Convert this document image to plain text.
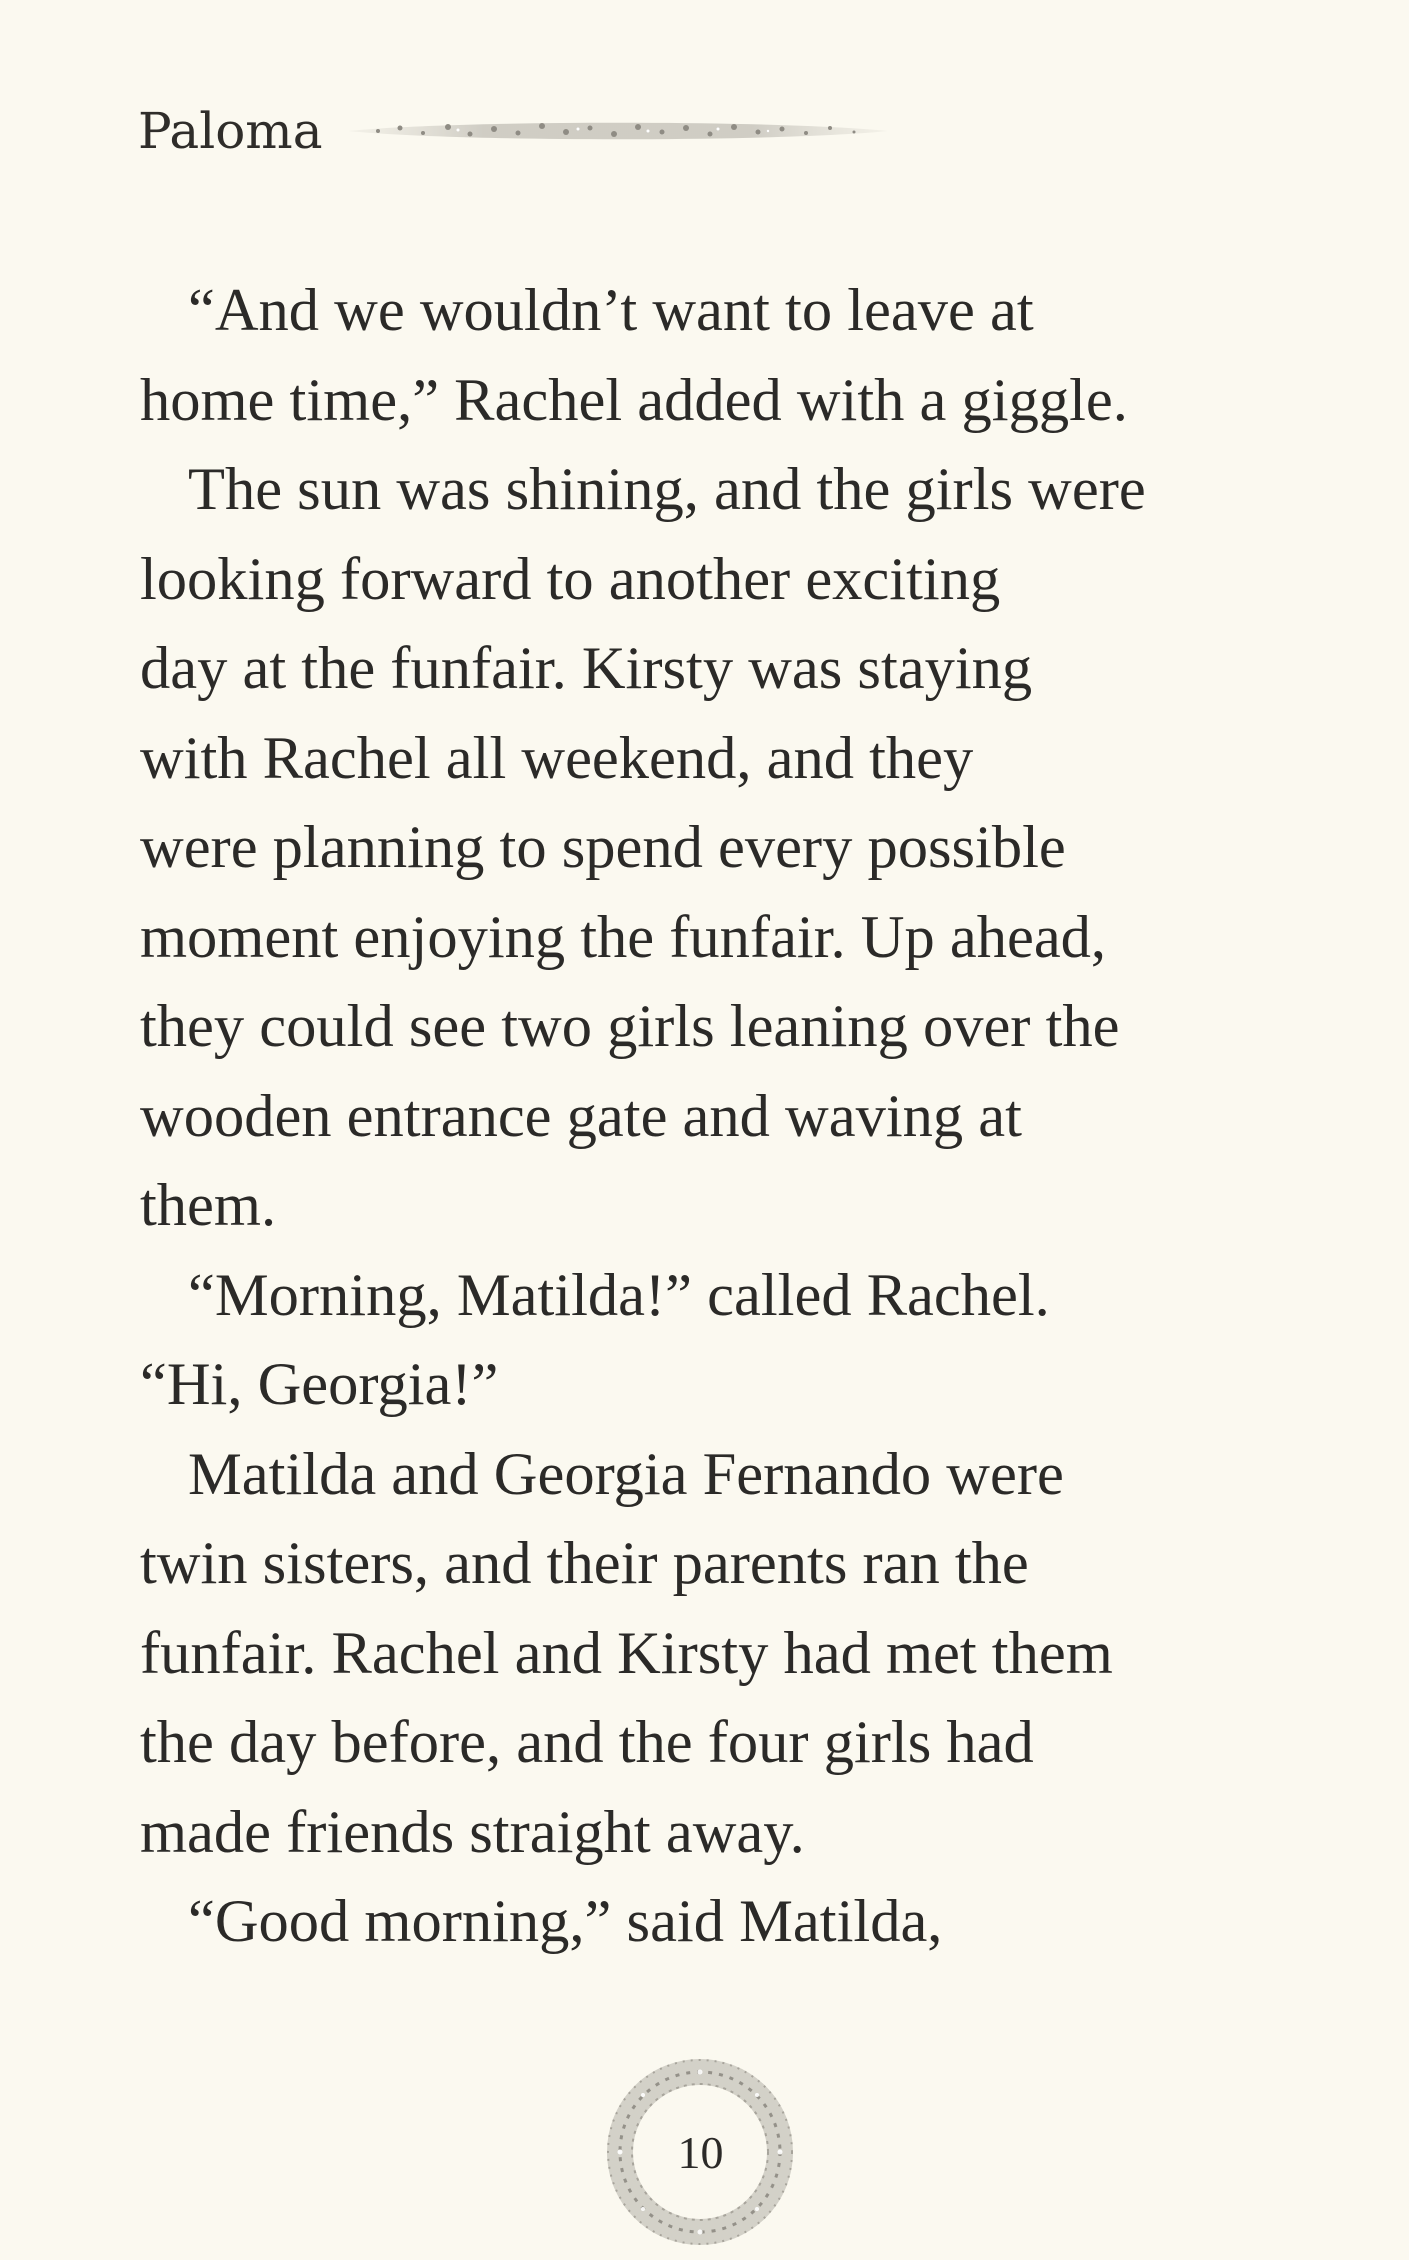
Paloma
“And we wouldn’t want to leave at
home time,” Rachel added with a giggle.
The sun was shining, and the girls were
looking forward to another exciting
day at the funfair. Kirsty was staying
with Rachel all weekend, and they
were planning to spend every possible
moment enjoying the funfair. Up ahead,
they could see two girls leaning over the
wooden entrance gate and waving at
them.
“Morning, Matilda!” called Rachel.
“Hi, Georgia!”
Matilda and Georgia Fernando were
twin sisters, and their parents ran the
funfair. Rachel and Kirsty had met them
the day before, and the four girls had
made friends straight away.
“Good morning,” said Matilda,
10
